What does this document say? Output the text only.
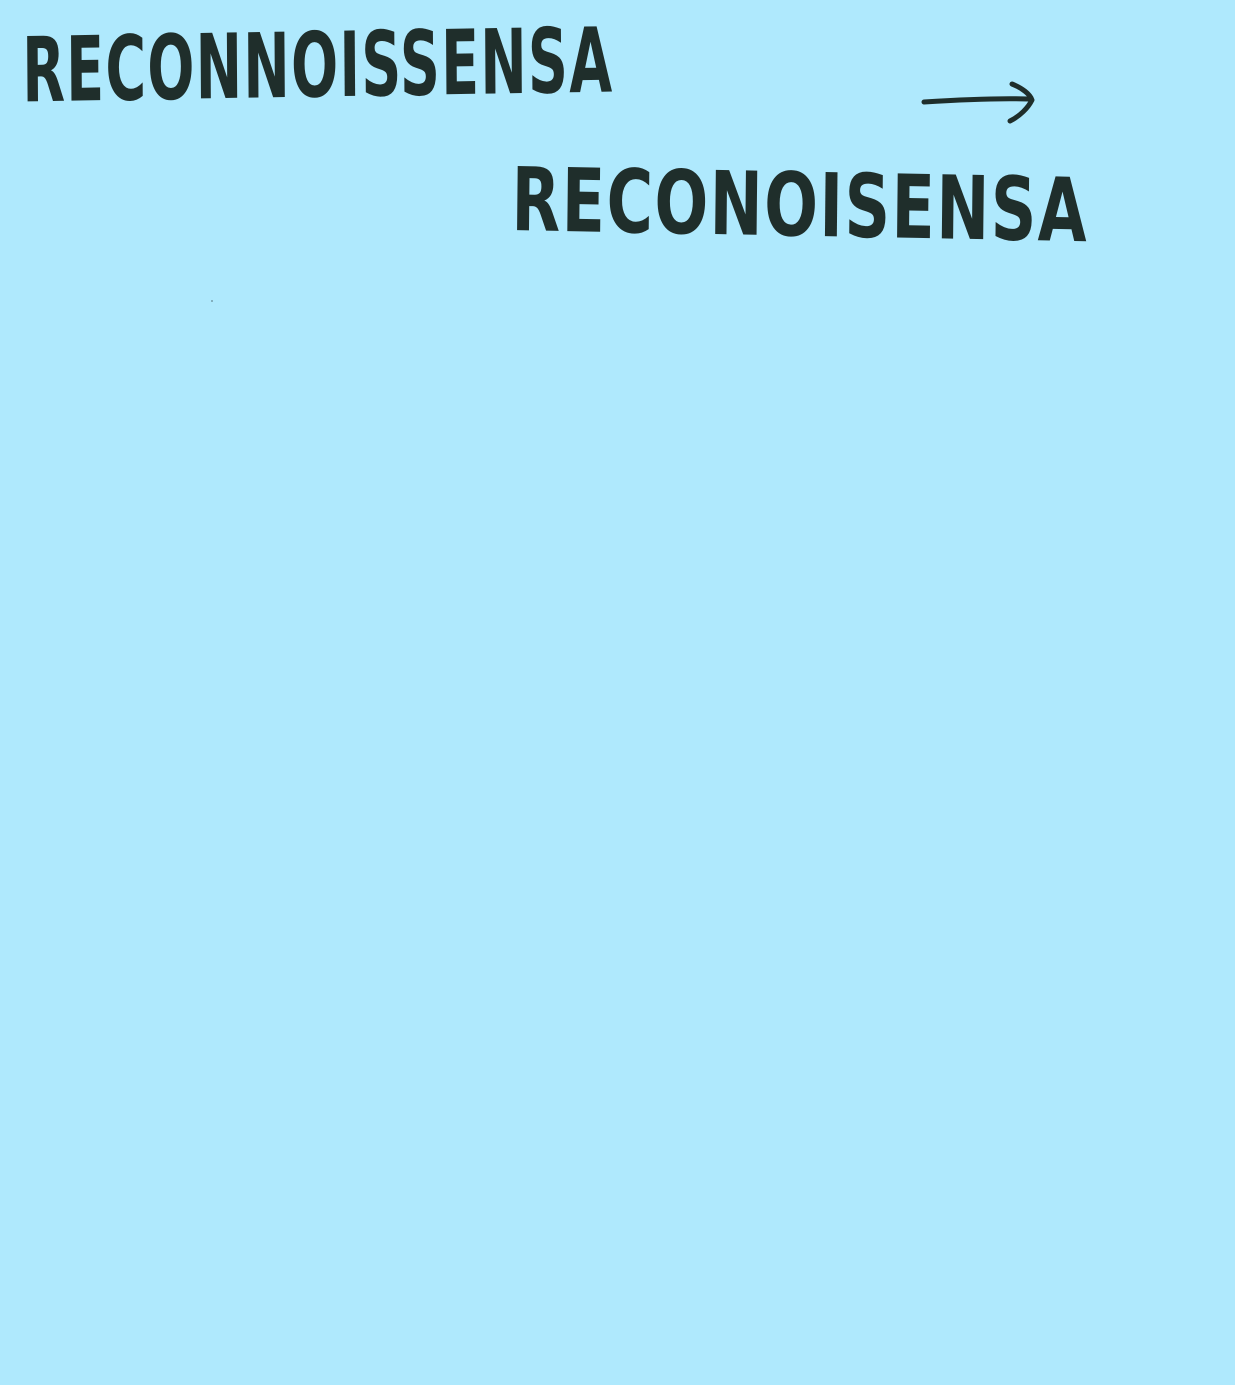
RECONNOISSENSA

RECONOISENSA
